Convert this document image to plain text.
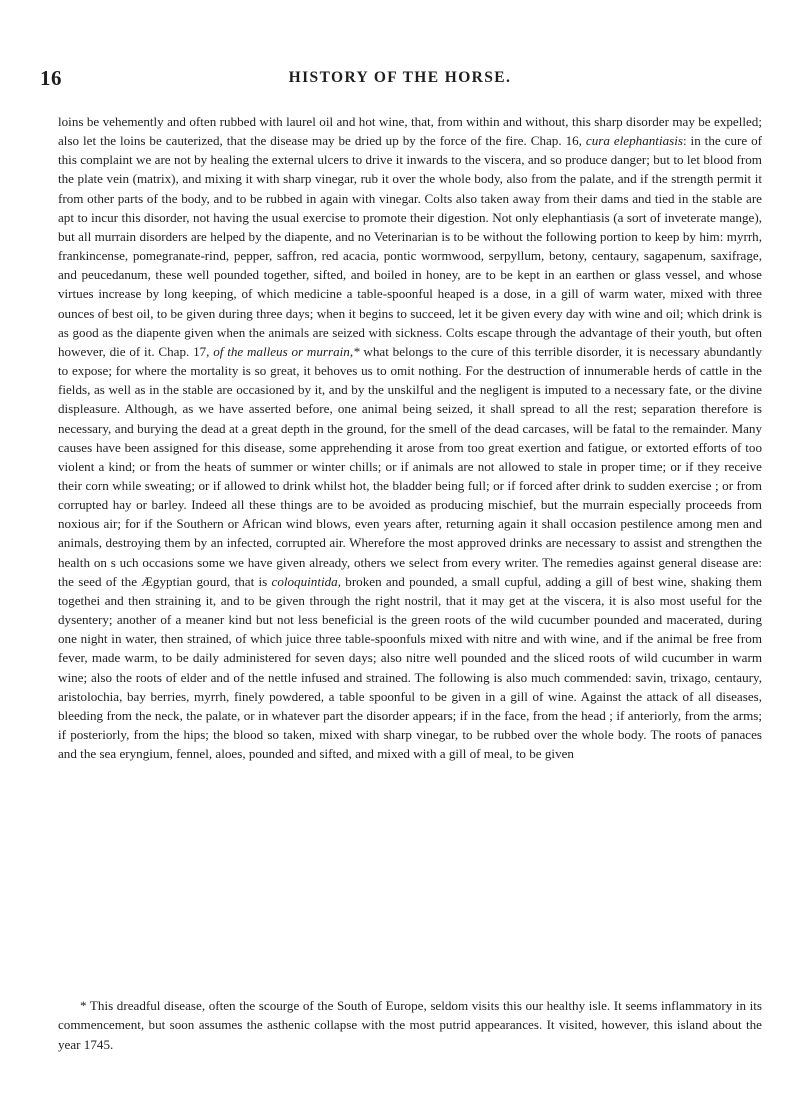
16	HISTORY OF THE HORSE.

loins be vehemently and often rubbed with laurel oil and hot wine, that, from within and without, this sharp disorder may be expelled; also let the loins be cauterized, that the disease may be dried up by the force of the fire. Chap. 16, cura elephantiasis: in the cure of this complaint we are not by healing the external ulcers to drive it inwards to the viscera, and so produce danger; but to let blood from the plate vein (matrix), and mixing it with sharp vinegar, rub it over the whole body, also from the palate, and if the strength permit it from other parts of the body, and to be rubbed in again with vinegar. Colts also taken away from their dams and tied in the stable are apt to incur this disorder, not having the usual exercise to promote their digestion. Not only elephantiasis (a sort of inveterate mange), but all murrain disorders are helped by the diapente, and no Veterinarian is to be without the following portion to keep by him: myrrh, frankincense, pomegranate-rind, pepper, saffron, red acacia, pontic wormwood, serpyllum, betony, centaury, sagapenum, saxifrage, and peucedanum, these well pounded together, sifted, and boiled in honey, are to be kept in an earthen or glass vessel, and whose virtues increase by long keeping, of which medicine a table-spoonful heaped is a dose, in a gill of warm water, mixed with three ounces of best oil, to be given during three days; when it begins to succeed, let it be given every day with wine and oil; which drink is as good as the diapente given when the animals are seized with sickness. Colts escape through the advantage of their youth, but often however, die of it. Chap. 17, of the malleus or murrain,* what belongs to the cure of this terrible disorder, it is necessary abundantly to expose; for where the mortality is so great, it behoves us to omit nothing. For the destruction of innumerable herds of cattle in the fields, as well as in the stable are occasioned by it, and by the unskilful and the negligent is imputed to a necessary fate, or the divine displeasure. Although, as we have asserted before, one animal being seized, it shall spread to all the rest; separation therefore is necessary, and burying the dead at a great depth in the ground, for the smell of the dead carcases, will be fatal to the remainder. Many causes have been assigned for this disease, some apprehending it arose from too great exertion and fatigue, or extorted efforts of too violent a kind; or from the heats of summer or winter chills; or if animals are not allowed to stale in proper time; or if they receive their corn while sweating; or if allowed to drink whilst hot, the bladder being full; or if forced after drink to sudden exercise ; or from corrupted hay or barley. Indeed all these things are to be avoided as producing mischief, but the murrain especially proceeds from noxious air; for if the Southern or African wind blows, even years after, returning again it shall occasion pestilence among men and animals, destroying them by an infected, corrupted air. Wherefore the most approved drinks are necessary to assist and strengthen the health on s uch occasions some we have given already, others we select from every writer. The remedies against general disease are: the seed of the Ægyptian gourd, that is coloquintida, broken and pounded, a small cupful, adding a gill of best wine, shaking them togethei and then straining it, and to be given through the right nostril, that it may get at the viscera, it is also most useful for the dysentery; another of a meaner kind but not less beneficial is the green roots of the wild cucumber pounded and macerated, during one night in water, then strained, of which juice three table-spoonfuls mixed with nitre and with wine, and if the animal be free from fever, made warm, to be daily administered for seven days; also nitre well pounded and the sliced roots of wild cucumber in warm wine; also the roots of elder and of the nettle infused and strained. The following is also much commended: savin, trixago, centaury, aristolochia, bay berries, myrrh, finely powdered, a table spoonful to be given in a gill of wine. Against the attack of all diseases, bleeding from the neck, the palate, or in whatever part the disorder appears; if in the face, from the head ; if anteriorly, from the arms; if posteriorly, from the hips; the blood so taken, mixed with sharp vinegar, to be rubbed over the whole body. The roots of panaces and the sea eryngium, fennel, aloes, pounded and sifted, and mixed with a gill of meal, to be given

* This dreadful disease, often the scourge of the South of Europe, seldom visits this our healthy isle. It seems inflammatory in its commencement, but soon assumes the asthenic collapse with the most putrid appearances. It visited, however, this island about the year 1745.
